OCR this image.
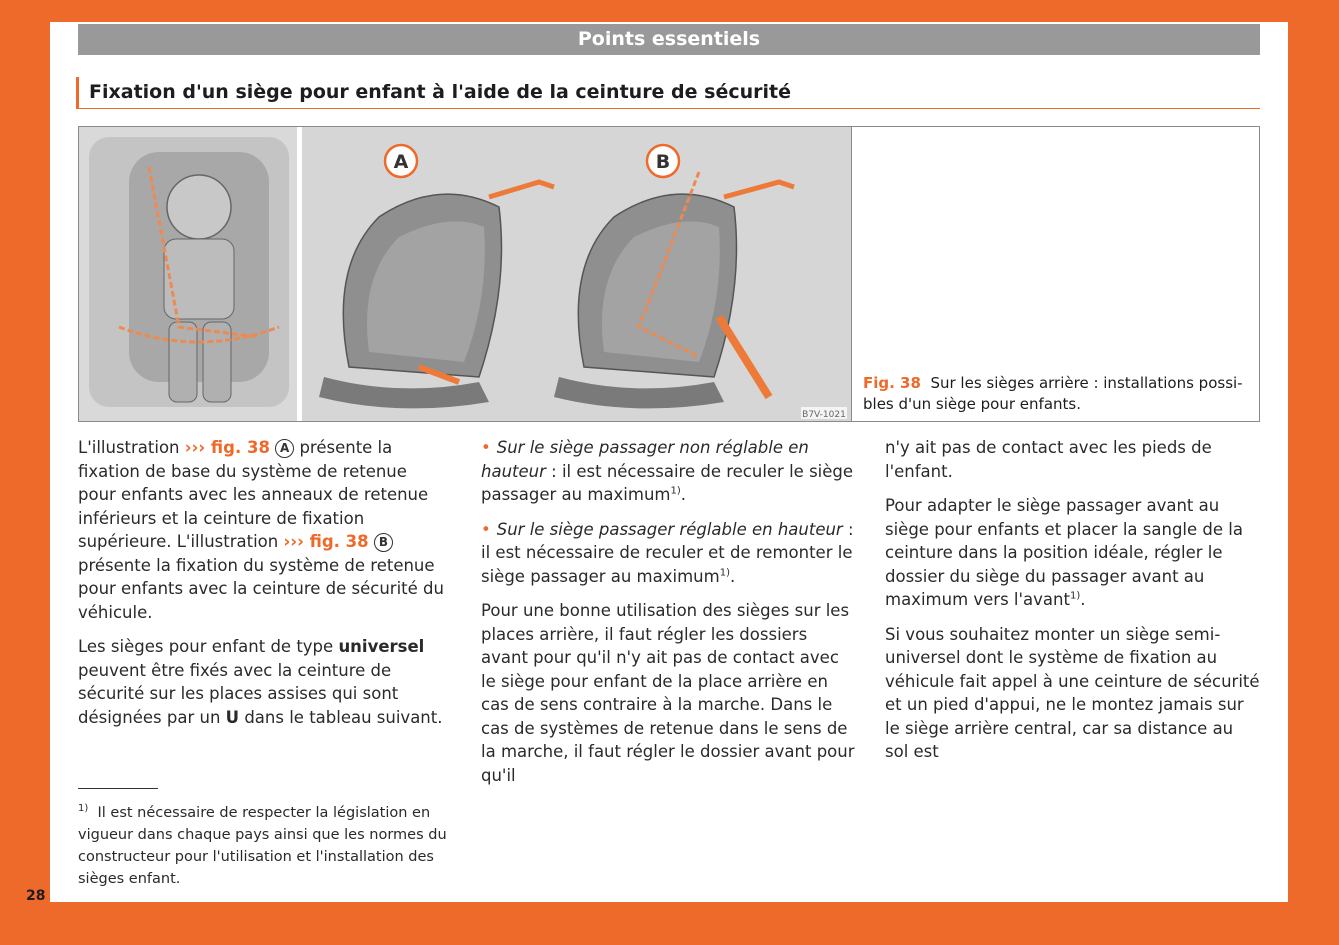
Points essentiels
Fixation d'un siège pour enfant à l'aide de la ceinture de sécurité
A	B
B7V-1021
Fig. 38 Sur les sièges arrière : installations possi-
bles d'un siège pour enfants.

L'illustration ››› fig. 38 A présente la fixation de base du système de retenue pour enfants avec les anneaux de retenue inférieurs et la ceinture de fixation supérieure. L'illustration ››› fig. 38 B présente la fixation du système de retenue pour enfants avec la ceinture de sécurité du véhicule.

Les sièges pour enfant de type universel peuvent être fixés avec la ceinture de sécurité sur les places assises qui sont désignées par un U dans le tableau suivant.

• Sur le siège passager non réglable en hauteur : il est nécessaire de reculer le siège passager au maximum$^{1)}$.

• Sur le siège passager réglable en hauteur : il est nécessaire de reculer et de remonter le siège passager au maximum$^{1)}$.

Pour une bonne utilisation des sièges sur les places arrière, il faut régler les dossiers avant pour qu'il n'y ait pas de contact avec le siège pour enfant de la place arrière en cas de sens contraire à la marche. Dans le cas de systèmes de retenue dans le sens de la marche, il faut régler le dossier avant pour qu'il

n'y ait pas de contact avec les pieds de l'enfant.

Pour adapter le siège passager avant au siège pour enfants et placer la sangle de la ceinture dans la position idéale, régler le dossier du siège du passager avant au maximum vers l'avant$^{1)}$.

Si vous souhaitez monter un siège semi-universel dont le système de fixation au véhicule fait appel à une ceinture de sécurité et un pied d'appui, ne le montez jamais sur le siège arrière central, car sa distance au sol est

$^{1)}$ Il est nécessaire de respecter la législation en vigueur dans chaque pays ainsi que les normes du constructeur pour l'utilisation et l'installation des sièges enfant.
28
